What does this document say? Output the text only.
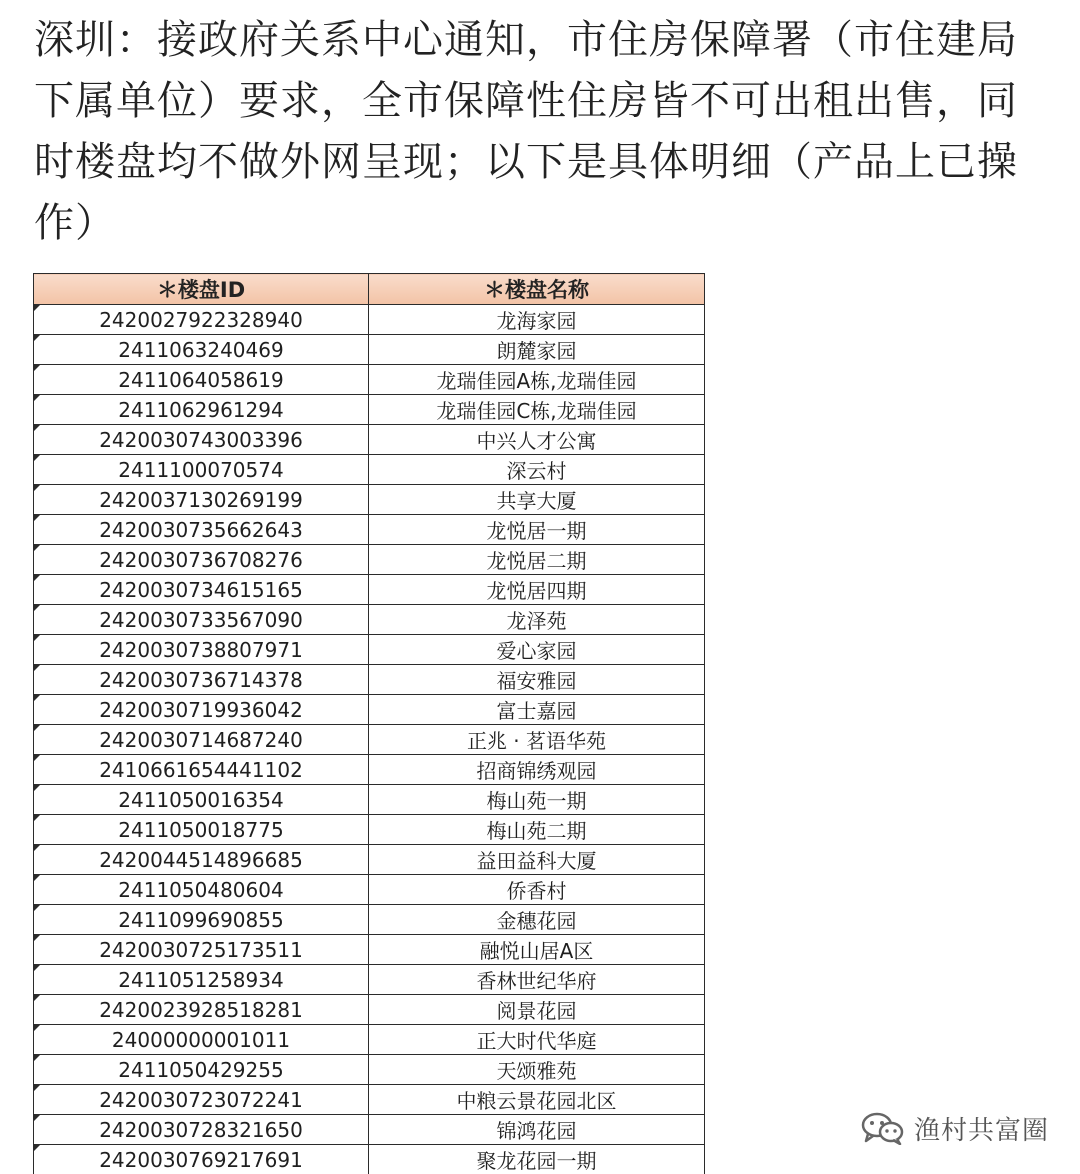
深圳：接政府关系中心通知，市住房保障署（市住建局下属单位）要求，全市保障性住房皆不可出租出售，同时楼盘均不做外网呈现；以下是具体明细（产品上已操作）
＊楼盘ID	＊楼盘名称
2420027922328940	龙海家园
2411063240469	朗麓家园
2411064058619	龙瑞佳园A栋,龙瑞佳园
2411062961294	龙瑞佳园C栋,龙瑞佳园
2420030743003396	中兴人才公寓
2411100070574	深云村
2420037130269199	共享大厦
2420030735662643	龙悦居一期
2420030736708276	龙悦居二期
2420030734615165	龙悦居四期
2420030733567090	龙泽苑
2420030738807971	爱心家园
2420030736714378	福安雅园
2420030719936042	富士嘉园
2420030714687240	正兆 · 茗语华苑
2410661654441102	招商锦绣观园
2411050016354	梅山苑一期
2411050018775	梅山苑二期
2420044514896685	益田益科大厦
2411050480604	侨香村
2411099690855	金穗花园
2420030725173511	融悦山居A区
2411051258934	香林世纪华府
2420023928518281	阅景花园
24000000001011	正大时代华庭
2411050429255	天颂雅苑
2420030723072241	中粮云景花园北区
2420030728321650	锦鸿花园
2420030769217691	聚龙花园一期
渔村共富圈
